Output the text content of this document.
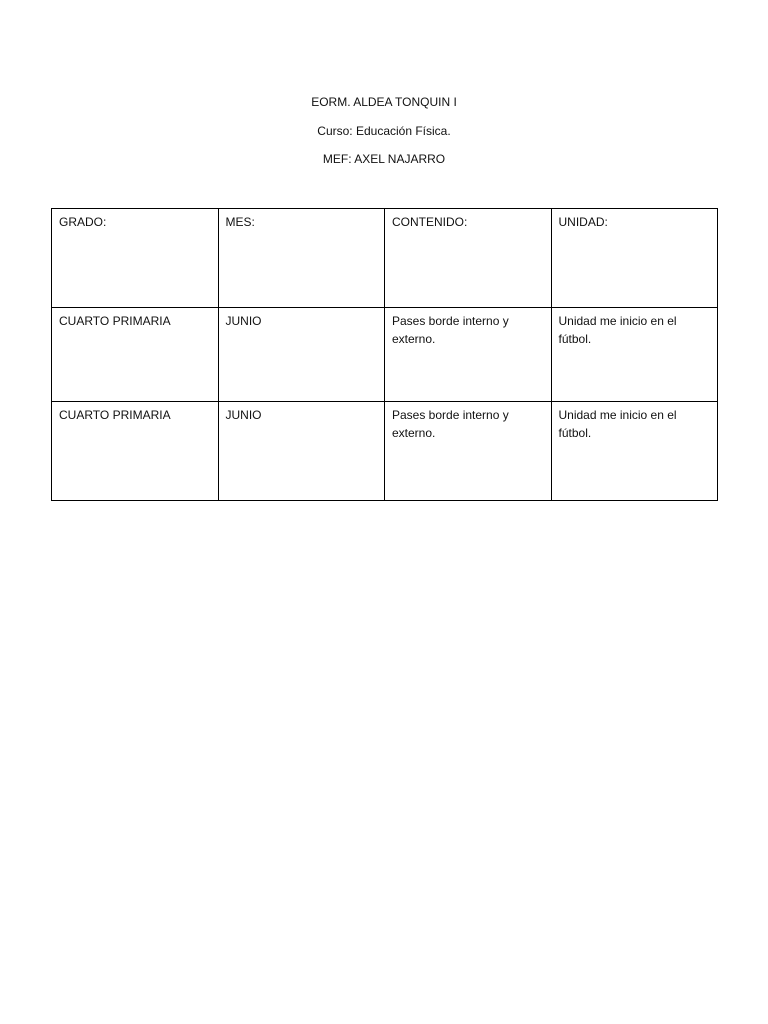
EORM. ALDEA TONQUIN I
Curso: Educación Física.
MEF: AXEL NAJARRO
GRADO:	MES:	CONTENIDO:	UNIDAD:
CUARTO PRIMARIA	JUNIO	Pases borde interno y externo.	Unidad me inicio en el fútbol.
CUARTO PRIMARIA	JUNIO	Pases borde interno y externo.	Unidad me inicio en el fútbol.
